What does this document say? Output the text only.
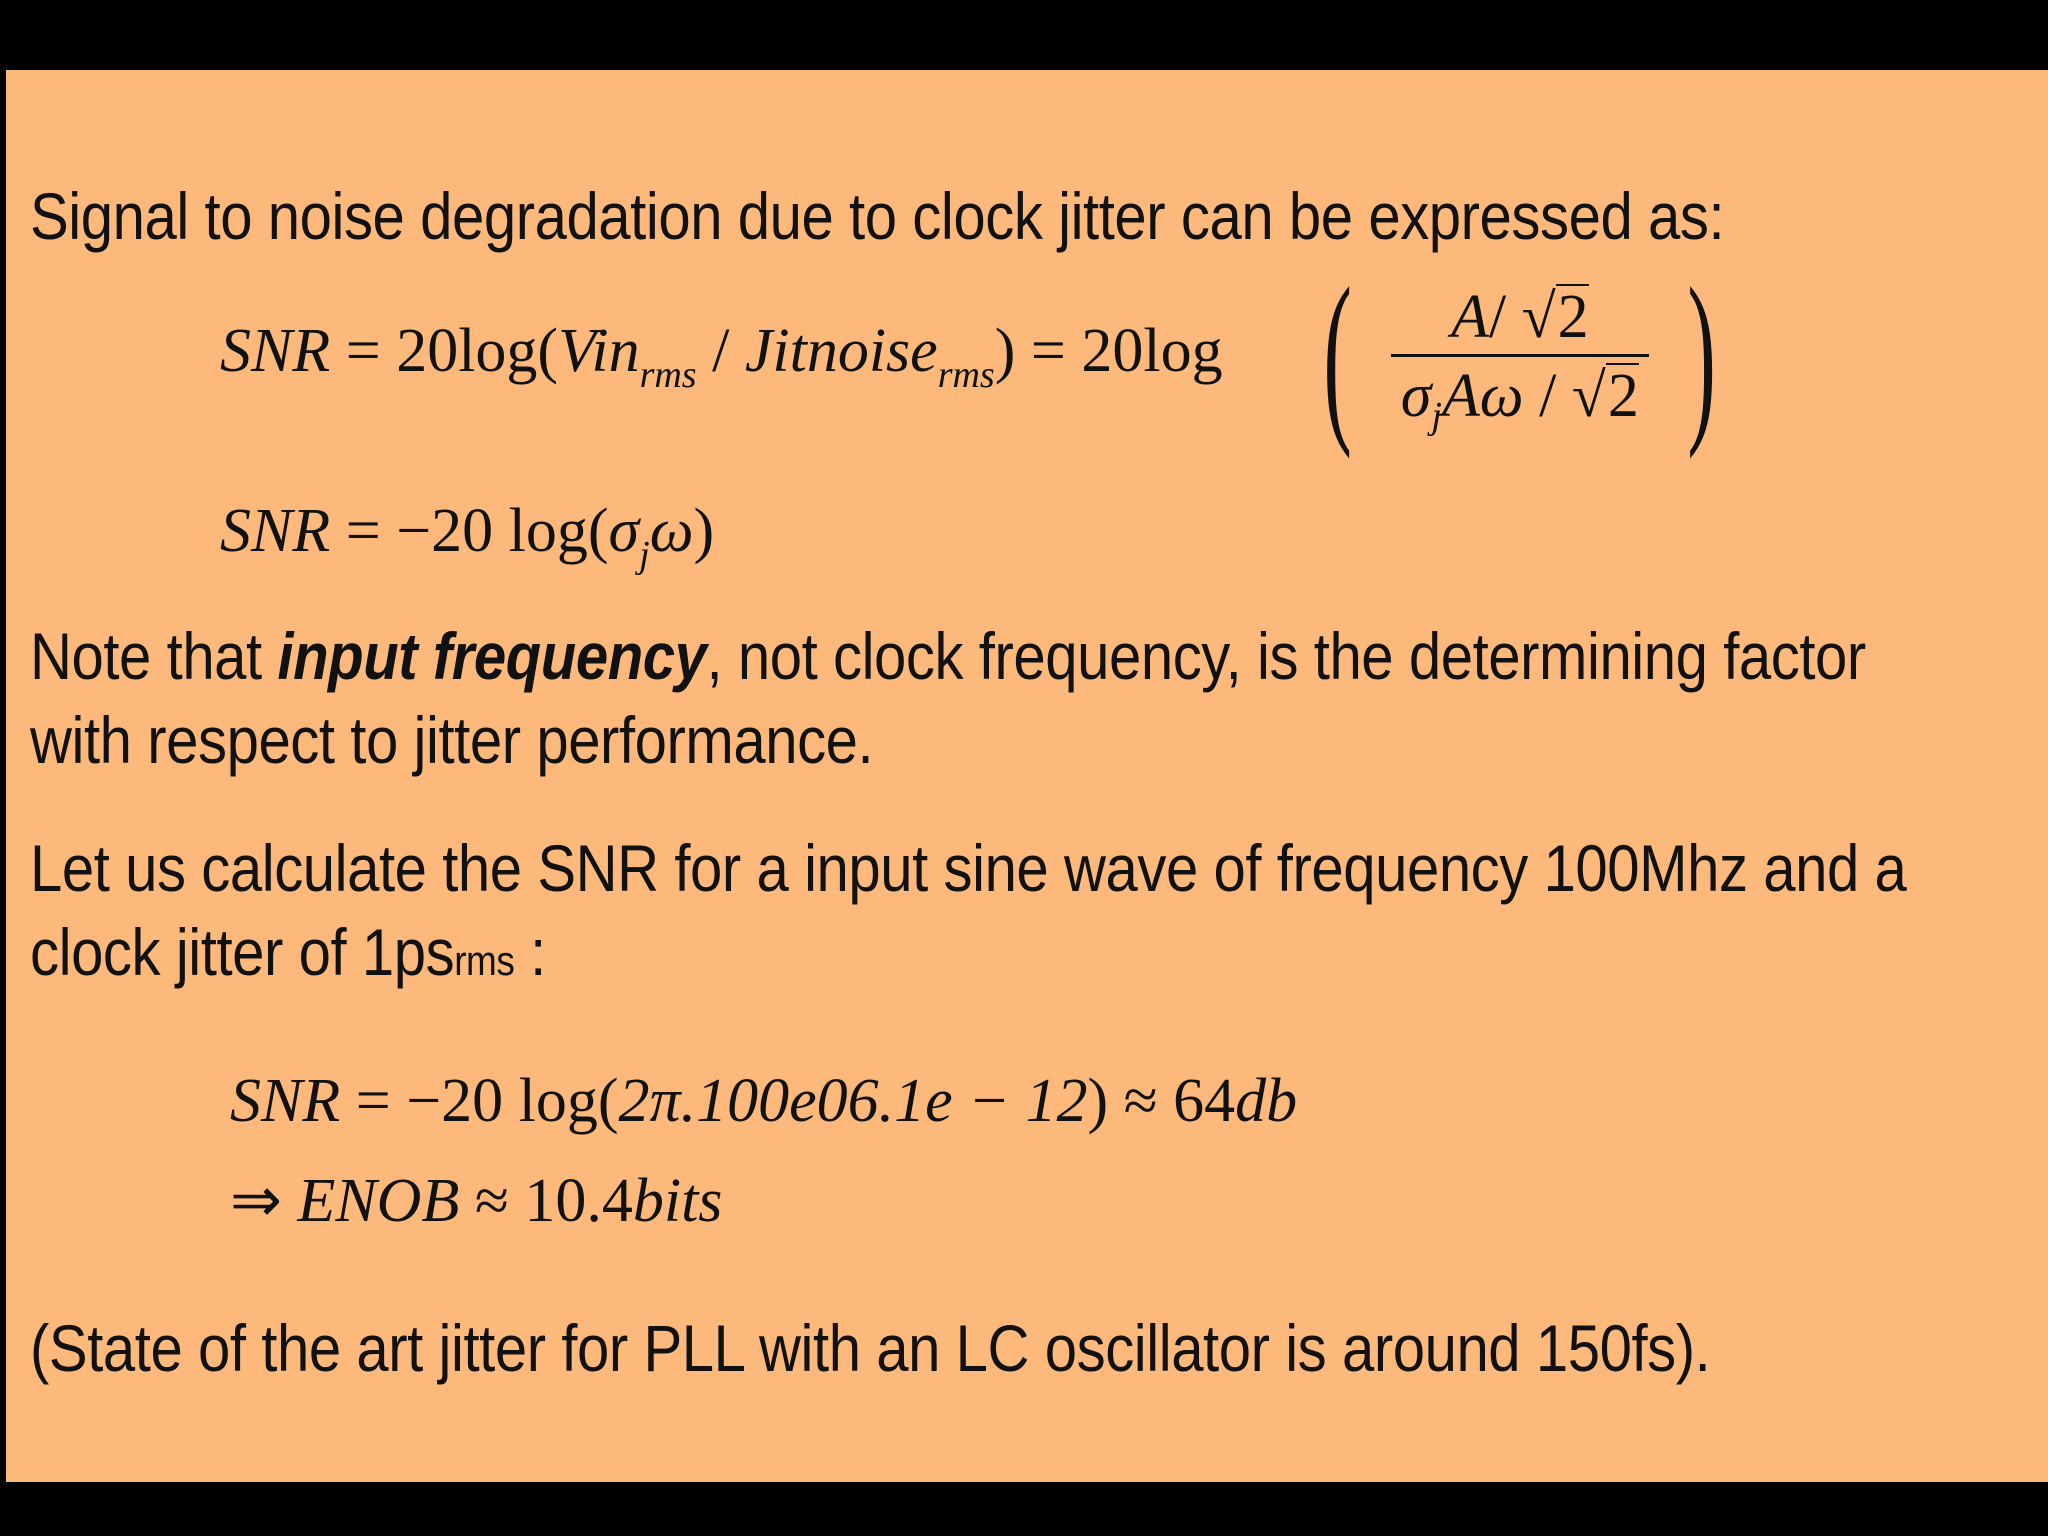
Signal to noise degradation due to clock jitter can be expressed as:
SNR = 20log(Vin$_{rms}$ / Jitnoise$_{rms}$) = 20log ( $\frac{A/ √2}{\text{σjAω / √2}}$ )
SNR = −20 $\log(\sigma_j\omega)$
Note that input frequency, not clock frequency, is the determining factor
with respect to jitter performance.
Let us calculate the SNR for a input sine wave of frequency 100Mhz and a
clock jitter of 1psrms :
SNR = −20 log(2π.100e06.1e − 12) ≈ 64db
⇒ ENOB ≈ 10.4bits
(State of the art jitter for PLL with an LC oscillator is around 150fs).
